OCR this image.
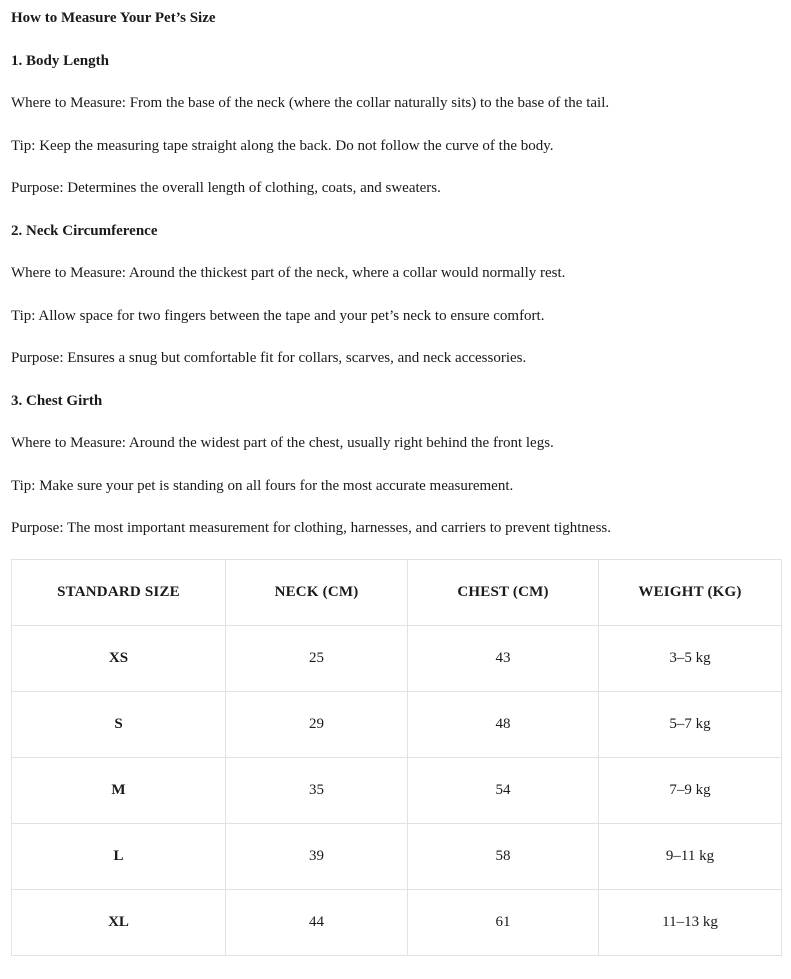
How to Measure Your Pet’s Size
1. Body Length
Where to Measure: From the base of the neck (where the collar naturally sits) to the base of the tail.
Tip: Keep the measuring tape straight along the back. Do not follow the curve of the body.
Purpose: Determines the overall length of clothing, coats, and sweaters.
2. Neck Circumference
Where to Measure: Around the thickest part of the neck, where a collar would normally rest.
Tip: Allow space for two fingers between the tape and your pet’s neck to ensure comfort.
Purpose: Ensures a snug but comfortable fit for collars, scarves, and neck accessories.
3. Chest Girth
Where to Measure: Around the widest part of the chest, usually right behind the front legs.
Tip: Make sure your pet is standing on all fours for the most accurate measurement.
Purpose: The most important measurement for clothing, harnesses, and carriers to prevent tightness.
STANDARD SIZE	NECK (CM)	CHEST (CM)	WEIGHT (KG)
XS	25	43	3–5 kg
S	29	48	5–7 kg
M	35	54	7–9 kg
L	39	58	9–11 kg
XL	44	61	11–13 kg
